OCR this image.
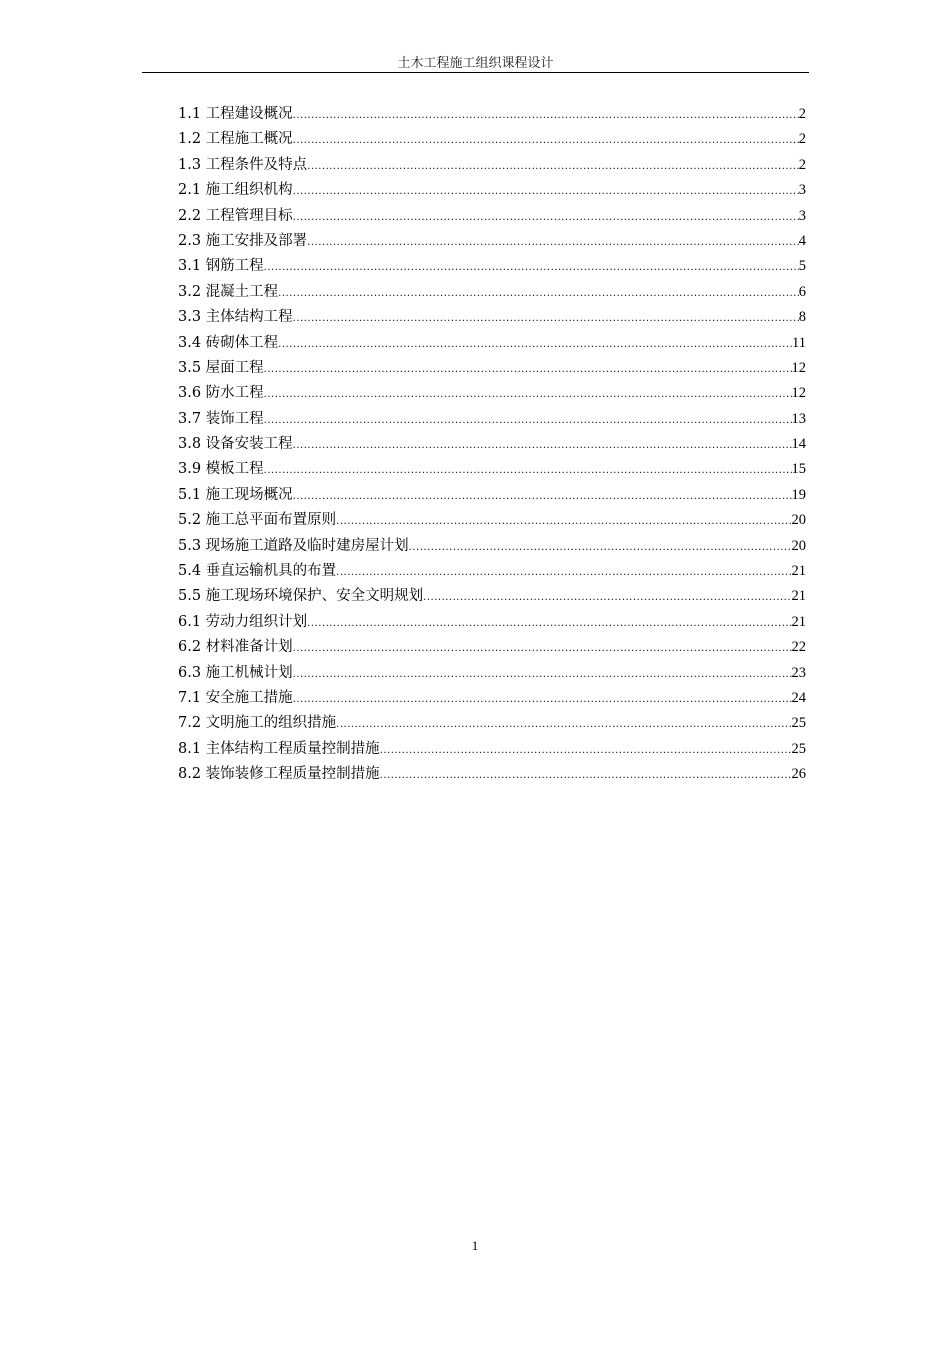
土木工程施工组织课程设计
1.1 工程建设概况 .....	2
1.2 工程施工概况 .....	2
1.3 工程条件及特点 .....	2
2.1 施工组织机构 .....	3
2.2 工程管理目标 .....	3
2.3 施工安排及部署 .....	4
3.1 钢筋工程 .....	5
3.2 混凝土工程 .....	6
3.3 主体结构工程 .....	8
3.4 砖砌体工程 .....	11
3.5 屋面工程 .....	12
3.6 防水工程 .....	12
3.7 装饰工程 .....	13
3.8 设备安装工程 .....	14
3.9 模板工程 .....	15
5.1 施工现场概况 .....	19
5.2 施工总平面布置原则 .....	20
5.3 现场施工道路及临时建房屋计划 .....	20
5.4 垂直运输机具的布置 .....	21
5.5 施工现场环境保护、安全文明规划 .....	21
6.1 劳动力组织计划 .....	21
6.2 材料准备计划 .....	22
6.3 施工机械计划 .....	23
7.1 安全施工措施 .....	24
7.2 文明施工的组织措施 .....	25
8.1 主体结构工程质量控制措施 .....	25
8.2 装饰装修工程质量控制措施 .....	26
1
